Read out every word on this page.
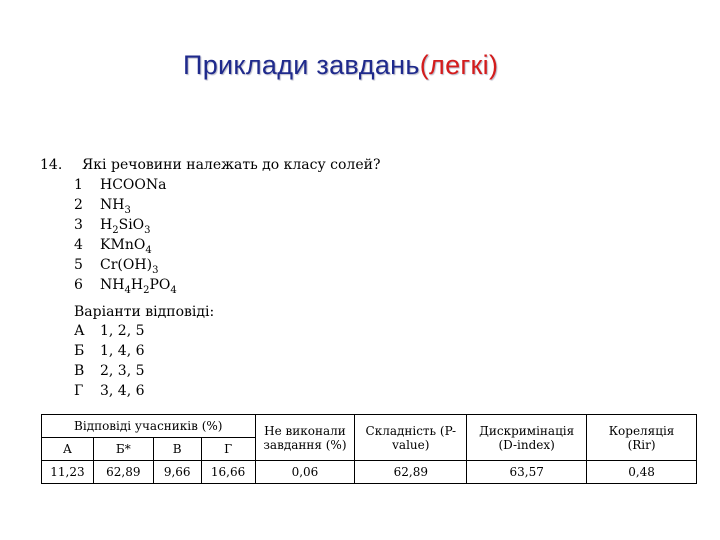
Приклади завдань(легкі)
14. Які речовини належать до класу солей?
1 HCOONa
2 $NH_3$
3 $H_2SiO_3$
4 KMnO$_4$
5 $Cr(OH)_3$
6 $NH_4H_2PO_4$
Варіанти відповіді:
А 1, 2, 5
Б 1, 4, 6
В 2, 3, 5
Г 3, 4, 6
Відповіді учасників (%)				Не виконали завдання (%)	Складність (P-value)	Дискримінація (D-index)	Кореляція (Rir)
А	Б*	В	Г				
11,23	62,89	9,66	16,66	0,06	62,89	63,57	0,48
